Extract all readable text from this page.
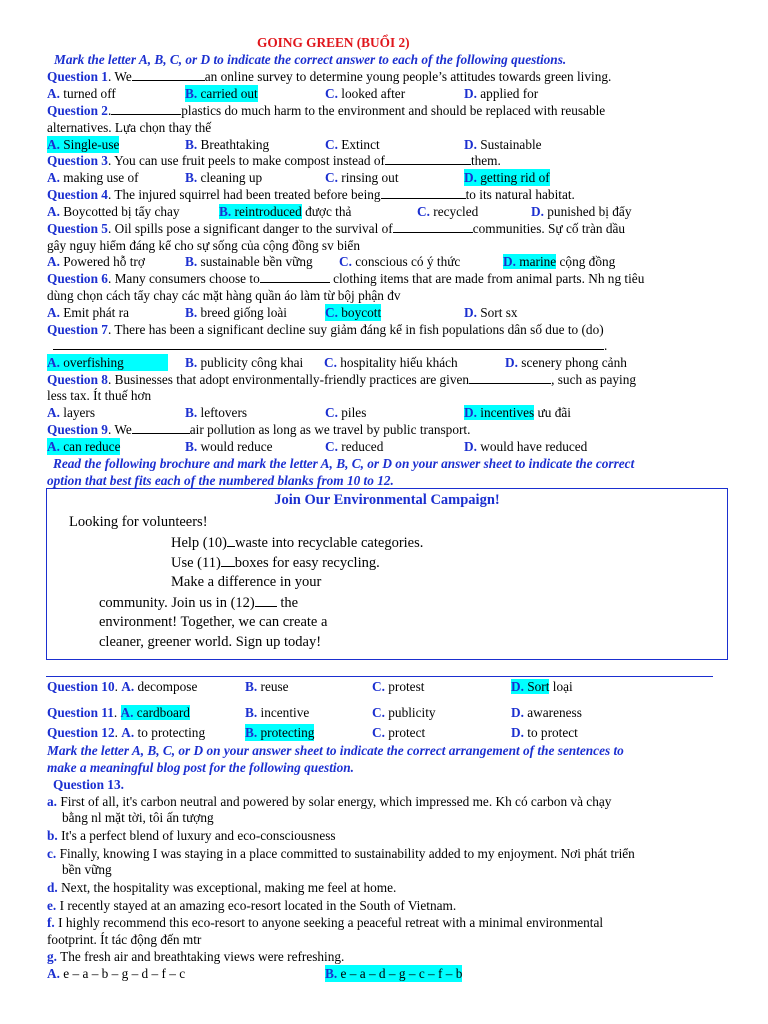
GOING GREEN (BUỔI 2)
Mark the letter A, B, C, or D to indicate the correct answer to each of the following questions.
Question 1. We	an online survey to determine young people’s attitudes towards green living.
A. turned off	B. carried out	C. looked after	D. applied for
Question 2.	plastics do much harm to the environment and should be replaced with reusable
alternatives. Lựa chọn thay thế
A. Single-use	B. Breathtaking	C. Extinct	D. Sustainable
Question 3. You can use fruit peels to make compost instead of	them.
A. making use of	B. cleaning up	C. rinsing out	D. getting rid of
Question 4. The injured squirrel had been treated before being	to its natural habitat.
A. Boycotted bị tẩy chay	B. reintroduced được thả	C. recycled	D. punished bị đẩy
Question 5. Oil spills pose a significant danger to the survival of	communities. Sự cố tràn dầu
gây nguy hiểm đáng kể cho sự sống của cộng đồng sv biển
A. Powered hỗ trợ	B. sustainable bền vững C. conscious có ý thức	D. marine cộng đồng
Question 6. Many consumers choose to	clothing items that are made from animal parts. Nh ng tiêu
dùng chọn cách tẩy chay các mặt hàng quần áo làm từ bộj phận đv
A. Emit phát ra	B. breed giống loài	C. boycott	D. Sort sx
Question 7. There has been a significant decline suy giảm đáng kể in fish populations dân số due to (do)
.
A. overfishing	B. publicity công khai C. hospitality hiếu khách	D. scenery phong cảnh
Question 8. Businesses that adopt environmentally-friendly practices are given	, such as paying
less tax. Ít thuế hơn
A. layers	B. leftovers	C. piles	D. incentives ưu đãi
Question 9. We	air pollution as long as we travel by public transport.
A. can reduce	B. would reduce	C. reduced	D. would have reduced
Read the following brochure and mark the letter A, B, C, or D on your answer sheet to indicate the correct
option that best fits each of the numbered blanks from 10 to 12.
Join Our Environmental Campaign!
Looking for volunteers!
Help (10) waste into recyclable categories.
Use (11) boxes for easy recycling.
Make a difference in your
community. Join us in (12) the
environment! Together, we can create a
cleaner, greener world. Sign up today!
Question 10. A. decompose	B. reuse	C. protest	D. Sort loại
Question 11. A. cardboard	B. incentive	C. publicity	D. awareness
Question 12. A. to protecting	B. protecting	C. protect	D. to protect
Mark the letter A, B, C, or D on your answer sheet to indicate the correct arrangement of the sentences to
make a meaningful blog post for the following question.
Question 13.
a. First of all, it's carbon neutral and powered by solar energy, which impressed me. Kh có carbon và chạy
bằng nl mặt tời, tôi ấn tượng
b. It's a perfect blend of luxury and eco-consciousness
c. Finally, knowing I was staying in a place committed to sustainability added to my enjoyment. Nơi phát triển
bền vững
d. Next, the hospitality was exceptional, making me feel at home.
e. I recently stayed at an amazing eco-resort located in the South of Vietnam.
f. I highly recommend this eco-resort to anyone seeking a peaceful retreat with a minimal environmental
footprint. Ít tác động đến mtr
g. The fresh air and breathtaking views were refreshing.
A. e – a – b – g – d – f – c	B. e – a – d – g – c – f – b
